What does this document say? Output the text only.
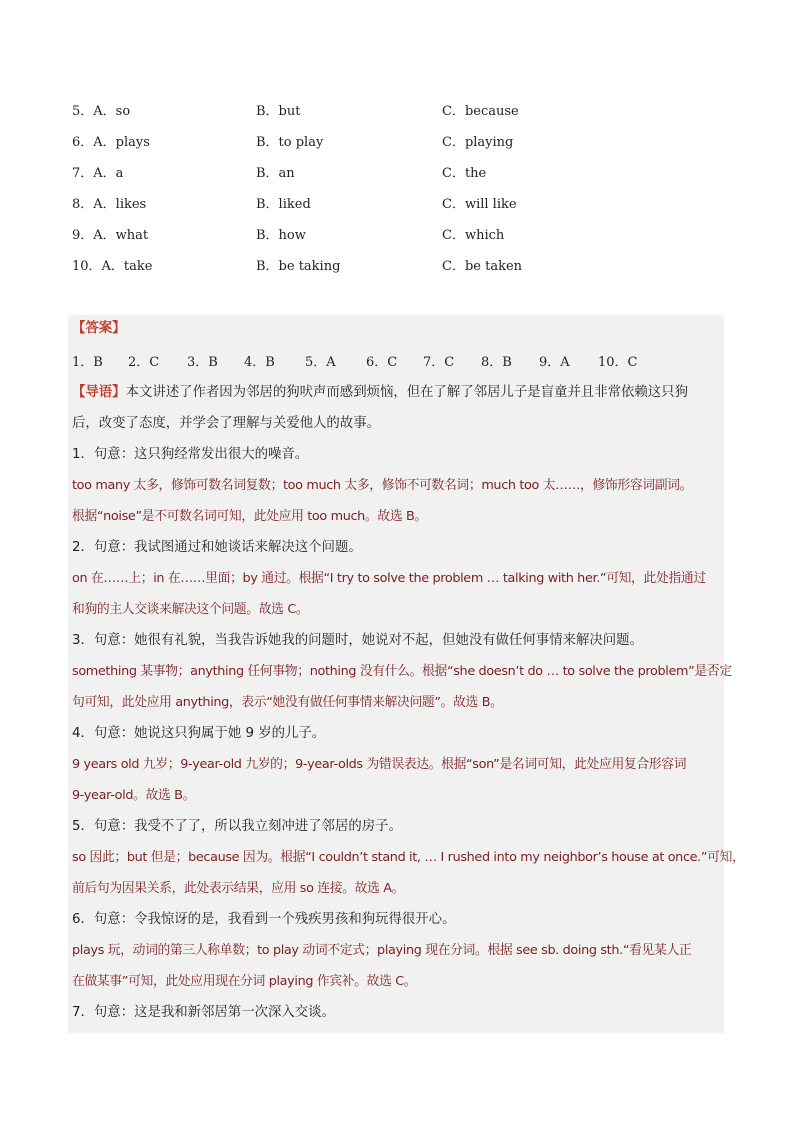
5．A．so	B．but	C．because
6．A．plays	B．to play	C．playing
7．A．a	B．an	C．the
8．A．likes	B．liked	C．will like
9．A．what	B．how	C．which
10．A．take	B．be taking	C．be taken
【答案】
1．B 2．C 3．B 4．B 5．A 6．C 7．C 8．B 9．A 10．C
【导语】本文讲述了作者因为邻居的狗吠声而感到烦恼，但在了解了邻居儿子是盲童并且非常依赖这只狗
后，改变了态度，并学会了理解与关爱他人的故事。
1．句意：这只狗经常发出很大的噪音。
too many 太多，修饰可数名词复数；too much 太多，修饰不可数名词；much too 太……，修饰形容词副词。
根据“noise”是不可数名词可知，此处应用 too much。故选 B。
2．句意：我试图通过和她谈话来解决这个问题。
on 在……上；in 在……里面；by 通过。根据“I try to solve the problem … talking with her.”可知，此处指通过
和狗的主人交谈来解决这个问题。故选 C。
3．句意：她很有礼貌，当我告诉她我的问题时，她说对不起，但她没有做任何事情来解决问题。
something 某事物；anything 任何事物；nothing 没有什么。根据“she doesn’t do … to solve the problem”是否定
句可知，此处应用 anything，表示“她没有做任何事情来解决问题”。故选 B。
4．句意：她说这只狗属于她 9 岁的儿子。
9 years old 九岁；9-year-old 九岁的；9-year-olds 为错误表达。根据“son”是名词可知，此处应用复合形容词
9-year-old。故选 B。
5．句意：我受不了了，所以我立刻冲进了邻居的房子。
so 因此；but 但是；because 因为。根据“I couldn’t stand it, … I rushed into my neighbor’s house at once.”可知，
前后句为因果关系，此处表示结果，应用 so 连接。故选 A。
6．句意：令我惊讶的是，我看到一个残疾男孩和狗玩得很开心。
plays 玩，动词的第三人称单数；to play 动词不定式；playing 现在分词。根据 see sb. doing sth.“看见某人正
在做某事”可知，此处应用现在分词 playing 作宾补。故选 C。
7．句意：这是我和新邻居第一次深入交谈。
